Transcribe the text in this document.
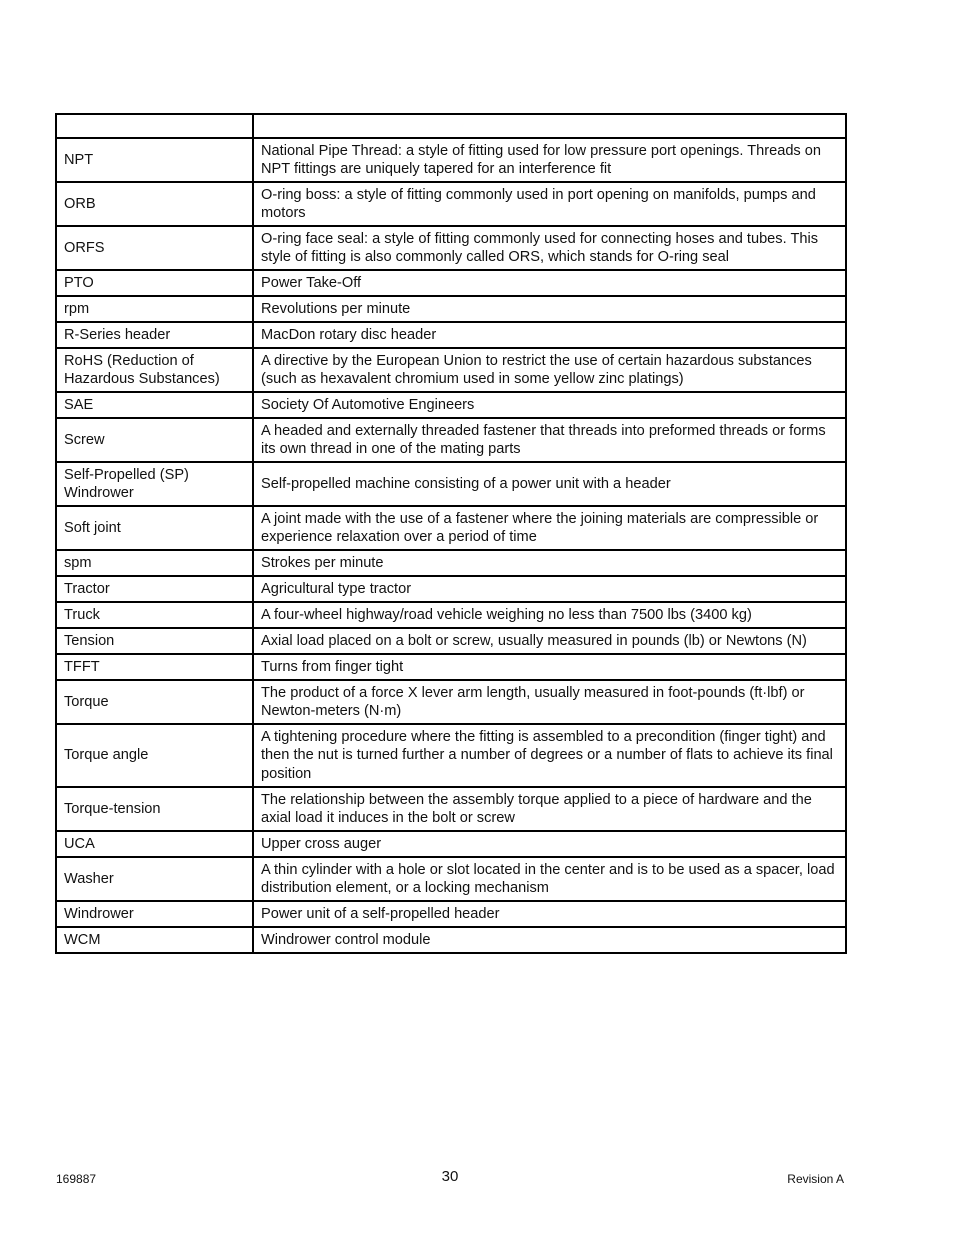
NPT	National Pipe Thread: a style of fitting used for low pressure port openings. Threads on NPT fittings are uniquely tapered for an interference fit
ORB	O-ring boss: a style of fitting commonly used in port opening on manifolds, pumps and motors
ORFS	O-ring face seal: a style of fitting commonly used for connecting hoses and tubes. This style of fitting is also commonly called ORS, which stands for O-ring seal
PTO	Power Take-Off
rpm	Revolutions per minute
R-Series header	MacDon rotary disc header
RoHS (Reduction of Hazardous Substances)	A directive by the European Union to restrict the use of certain hazardous substances (such as hexavalent chromium used in some yellow zinc platings)
SAE	Society Of Automotive Engineers
Screw	A headed and externally threaded fastener that threads into preformed threads or forms its own thread in one of the mating parts
Self-Propelled (SP) Windrower	Self-propelled machine consisting of a power unit with a header
Soft joint	A joint made with the use of a fastener where the joining materials are compressible or experience relaxation over a period of time
spm	Strokes per minute
Tractor	Agricultural type tractor
Truck	A four-wheel highway/road vehicle weighing no less than 7500 lbs (3400 kg)
Tension	Axial load placed on a bolt or screw, usually measured in pounds (lb) or Newtons (N)
TFFT	Turns from finger tight
Torque	The product of a force X lever arm length, usually measured in foot-pounds (ft·lbf) or Newton-meters (N·m)
Torque angle	A tightening procedure where the fitting is assembled to a precondition (finger tight) and then the nut is turned further a number of degrees or a number of flats to achieve its final position
Torque-tension	The relationship between the assembly torque applied to a piece of hardware and the axial load it induces in the bolt or screw
UCA	Upper cross auger
Washer	A thin cylinder with a hole or slot located in the center and is to be used as a spacer, load distribution element, or a locking mechanism
Windrower	Power unit of a self-propelled header
WCM	Windrower control module
169887	30	Revision A
